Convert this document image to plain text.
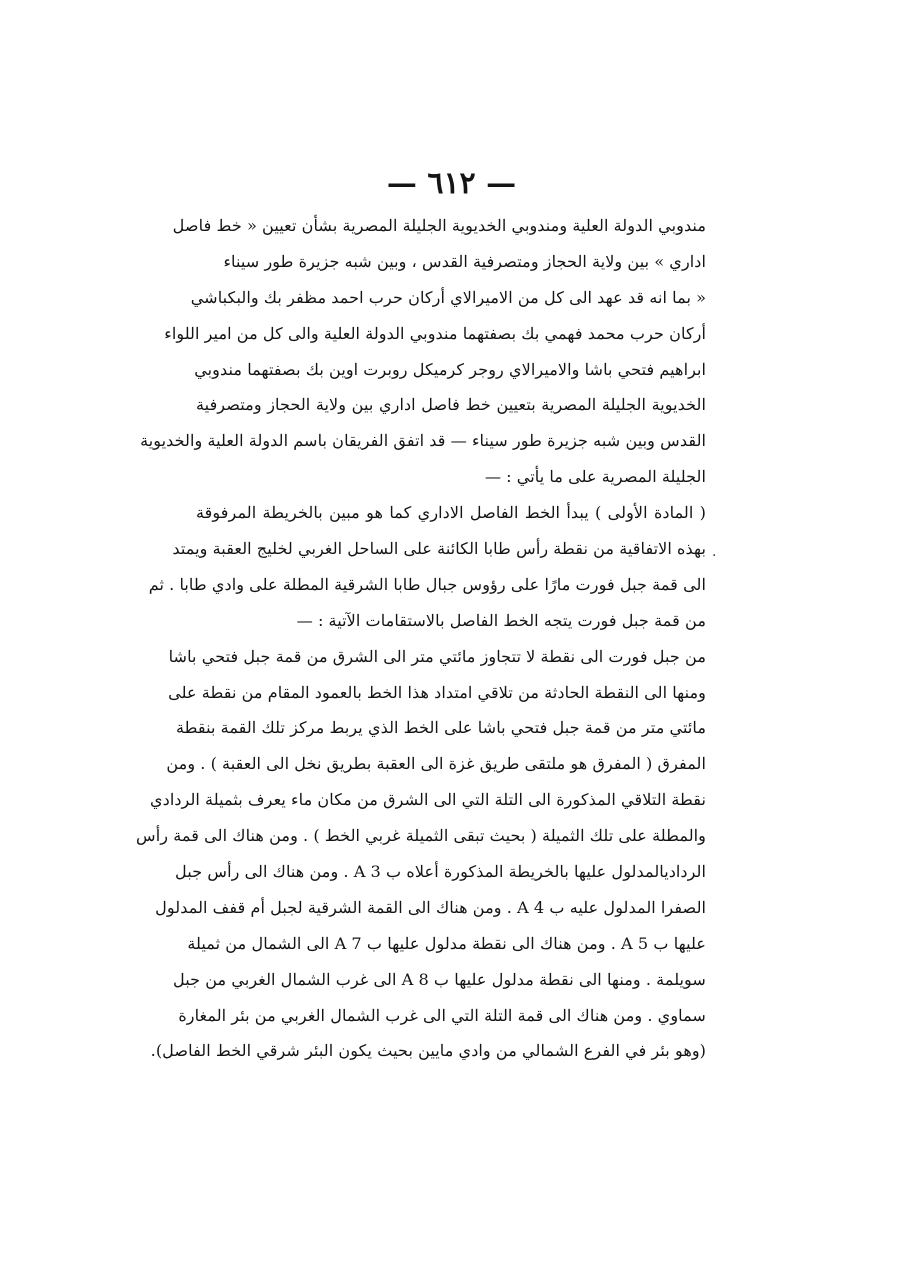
— ٦١٢ —
·
مندوبي الدولة العلية ومندوبي الخديوية الجليلة المصرية بشأن تعيين « خط فاصل
اداري » بين ولاية الحجاز ومتصرفية القدس ، وبين شبه جزيرة طور سيناء
« بما انه قد عهد الى كل من الاميرالاي أركان حرب احمد مظفر بك والبكباشي
أركان حرب محمد فهمي بك بصفتهما مندوبي الدولة العلية والى كل من امير اللواء
ابراهيم فتحي باشا والاميرالاي روجر كرميكل روبرت اوين بك بصفتهما مندوبي
الخديوية الجليلة المصرية بتعيين خط فاصل اداري بين ولاية الحجاز ومتصرفية
القدس وبين شبه جزيرة طور سيناء — قد اتفق الفريقان باسم الدولة العلية والخديوية
الجليلة المصرية على ما يأتي : —
( المادة الأولى ) يبدأ الخط الفاصل الاداري كما هو مبين بالخريطة المرفوقة
بهذه الاتفاقية من نقطة رأس طابا الكائنة على الساحل الغربي لخليج العقبة ويمتد
الى قمة جبل فورت مارًا على رؤوس جبال طابا الشرقية المطلة على وادي طابا . ثم
من قمة جبل فورت يتجه الخط الفاصل بالاستقامات الآتية : —
من جبل فورت الى نقطة لا تتجاوز مائتي متر الى الشرق من قمة جبل فتحي باشا
ومنها الى النقطة الحادثة من تلاقي امتداد هذا الخط بالعمود المقام من نقطة على
مائتي متر من قمة جبل فتحي باشا على الخط الذي يربط مركز تلك القمة بنقطة
المفرق ( المفرق هو ملتقى طريق غزة الى العقبة بطريق نخل الى العقبة ) . ومن
نقطة التلاقي المذكورة الى التلة التي الى الشرق من مكان ماء يعرف بثميلة الردادي
والمطلة على تلك الثميلة ( بحيث تبقى الثميلة غربي الخط ) . ومن هناك الى قمة رأس
الرداديالمدلول عليها بالخريطة المذكورة أعلاه ب A 3 . ومن هناك الى رأس جبل
الصفرا المدلول عليه ب A 4 . ومن هناك الى القمة الشرقية لجبل أم قفف المدلول
عليها ب A 5 . ومن هناك الى نقطة مدلول عليها ب A 7 الى الشمال من ثميلة
سويلمة . ومنها الى نقطة مدلول عليها ب A 8 الى غرب الشمال الغربي من جبل
سماوي . ومن هناك الى قمة التلة التي الى غرب الشمال الغربي من بئر المغارة
(وهو بئر في الفرع الشمالي من وادي مايين بحيث يكون البئر شرقي الخط الفاصل).
